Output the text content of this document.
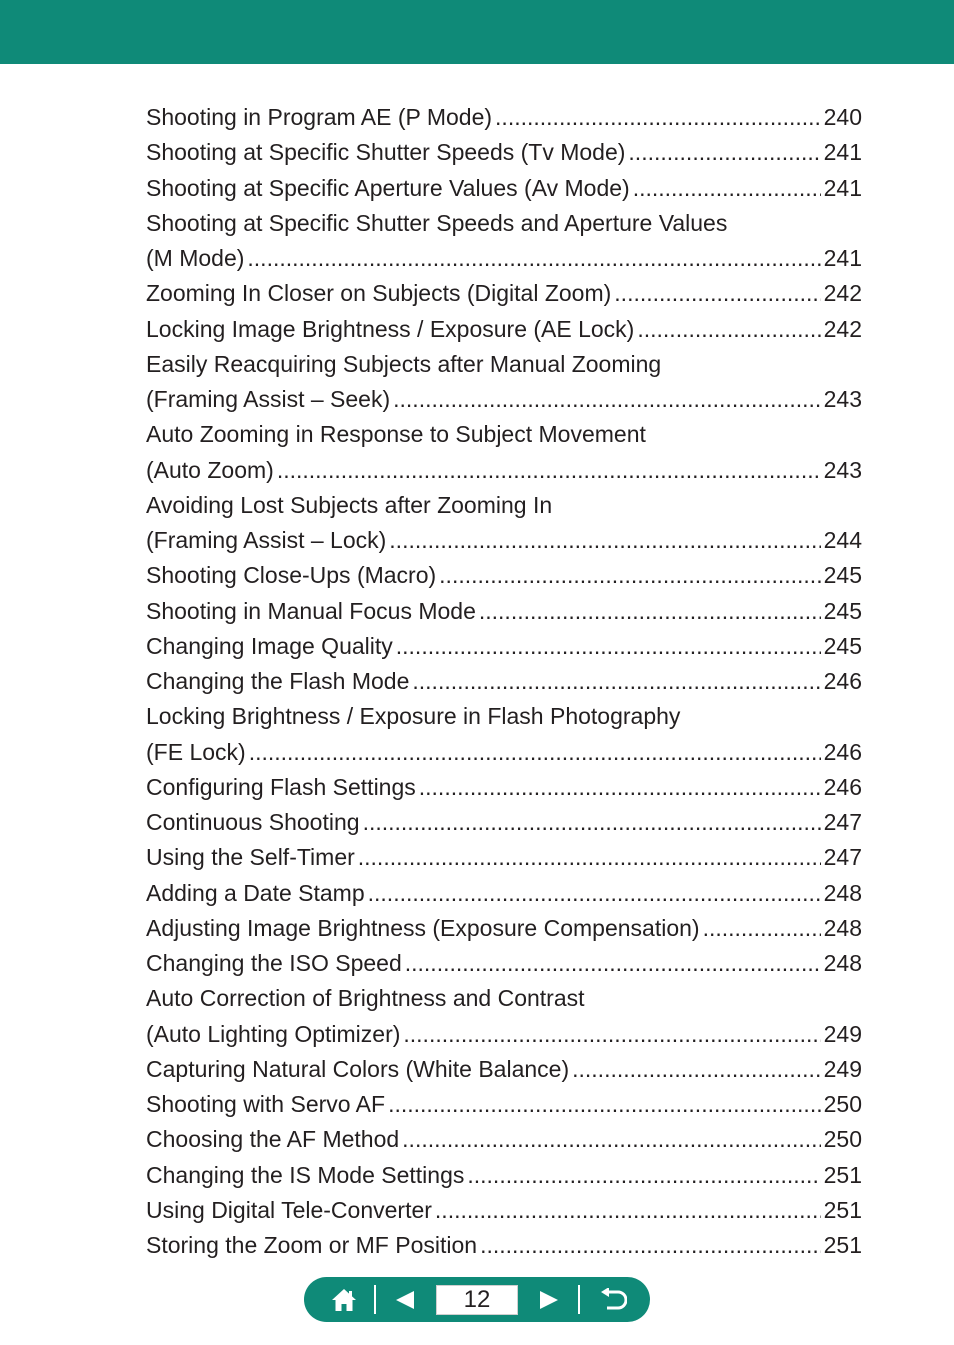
Shooting in Program AE (P Mode) .....	240
Shooting at Specific Shutter Speeds (Tv Mode) .....	241
Shooting at Specific Aperture Values (Av Mode) .....	241
Shooting at Specific Shutter Speeds and Aperture Values
(M Mode) .....	241
Zooming In Closer on Subjects (Digital Zoom) .....	242
Locking Image Brightness / Exposure (AE Lock) .....	242
Easily Reacquiring Subjects after Manual Zooming
(Framing Assist – Seek) .....	243
Auto Zooming in Response to Subject Movement
(Auto Zoom) .....	243
Avoiding Lost Subjects after Zooming In
(Framing Assist – Lock) .....	244
Shooting Close-Ups (Macro) .....	245
Shooting in Manual Focus Mode .....	245
Changing Image Quality .....	245
Changing the Flash Mode .....	246
Locking Brightness / Exposure in Flash Photography
(FE Lock) .....	246
Configuring Flash Settings .....	246
Continuous Shooting .....	247
Using the Self-Timer .....	247
Adding a Date Stamp .....	248
Adjusting Image Brightness (Exposure Compensation) .....	248
Changing the ISO Speed .....	248
Auto Correction of Brightness and Contrast
(Auto Lighting Optimizer) .....	249
Capturing Natural Colors (White Balance) .....	249
Shooting with Servo AF .....	250
Choosing the AF Method .....	250
Changing the IS Mode Settings .....	251
Using Digital Tele-Converter .....	251
Storing the Zoom or MF Position .....	251
12
